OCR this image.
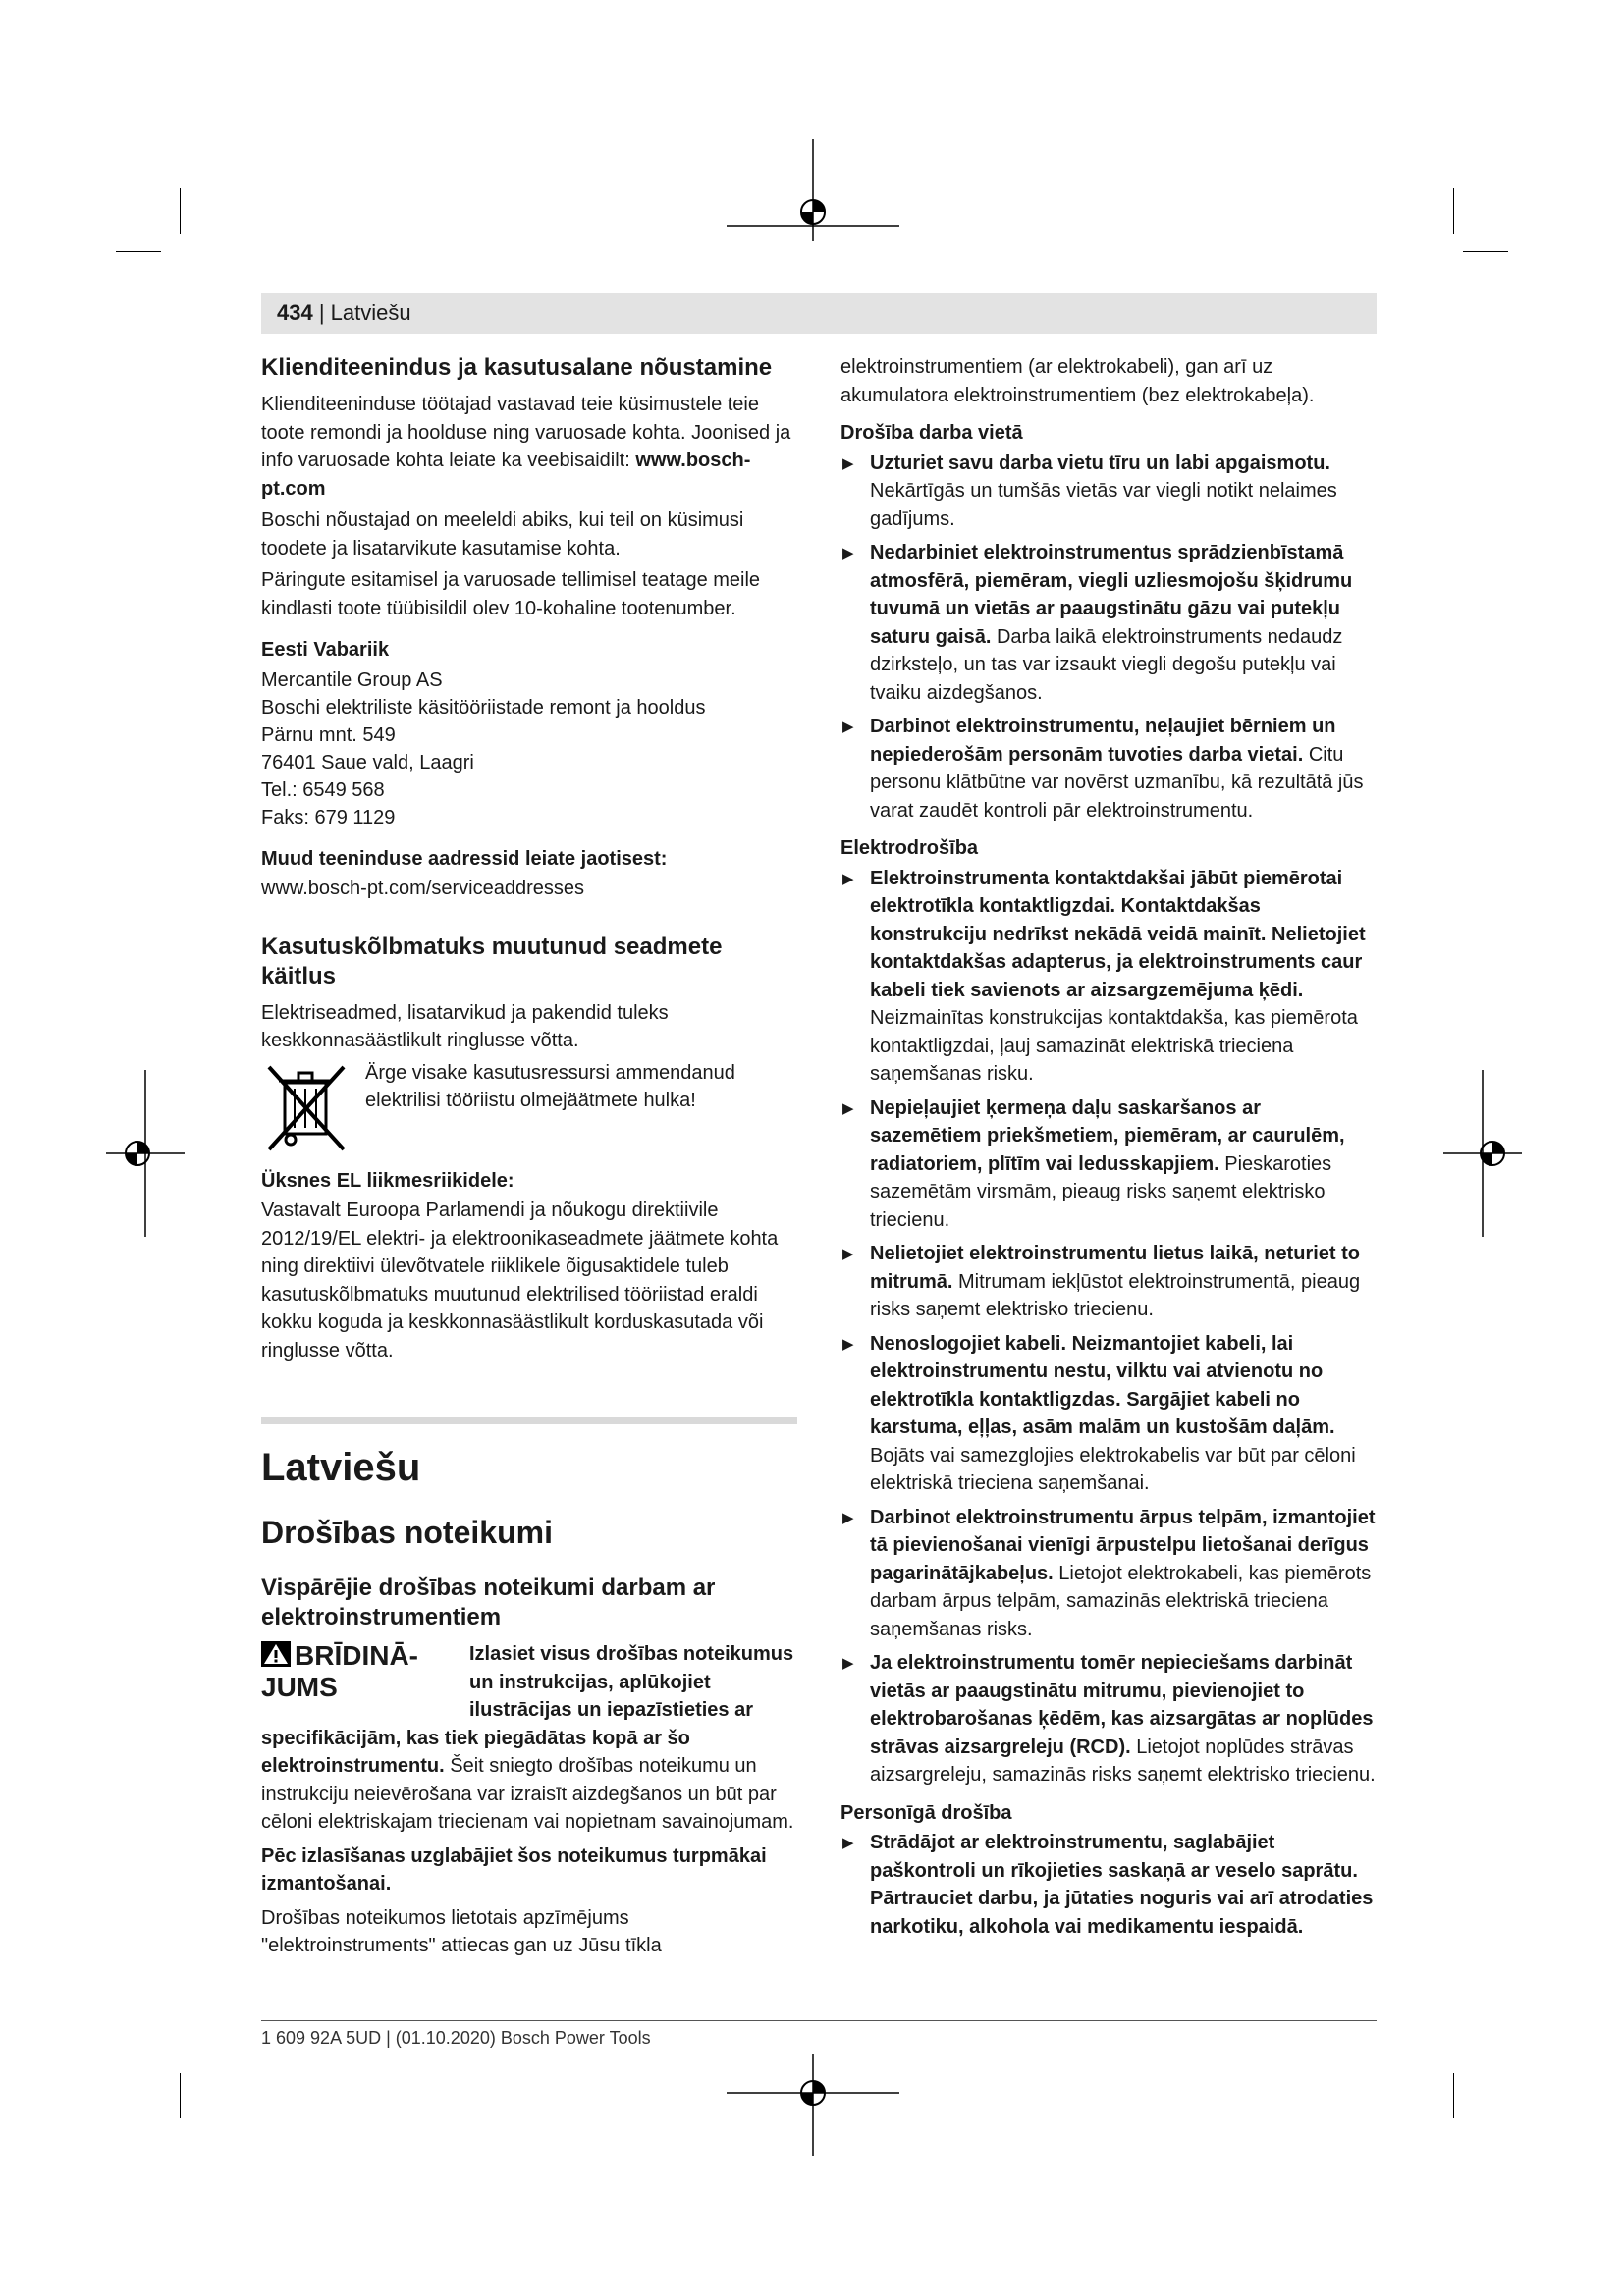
434 | Latviešu
Klienditeenindus ja kasutusalane nõustamine

Klienditeeninduse töötajad vastavad teie küsimustele teie toote remondi ja hoolduse ning varuosade kohta. Joonised ja info varuosade kohta leiate ka veebisaidilt: www.bosch-pt.com

Boschi nõustajad on meeleldi abiks, kui teil on küsimusi toodete ja lisatarvikute kasutamise kohta.

Päringute esitamisel ja varuosade tellimisel teatage meile kindlasti toote tüübisildil olev 10-kohaline tootenumber.

Eesti Vabariik
Mercantile Group AS
Boschi elektriliste käsitööriistade remont ja hooldus
Pärnu mnt. 549
76401 Saue vald, Laagri
Tel.: 6549 568
Faks: 679 1129
Muud teeninduse aadressid leiate jaotisest:

www.bosch-pt.com/serviceaddresses

Kasutuskõlbmatuks muutunud seadmete käitlus

Elektriseadmed, lisatarvikud ja pakendid tuleks keskkonnasäästlikult ringlusse võtta.

Ärge visake kasutusressursi ammendanud elektrilisi tööriistu olmejäätmete hulka!
Üksnes EL liikmesriikidele:

Vastavalt Euroopa Parlamendi ja nõukogu direktiivile 2012/19/EL elektri- ja elektroonikaseadmete jäätmete kohta ning direktiivi ülevõtvatele riiklikele õigusaktidele tuleb kasutuskõlbmatuks muutunud elektrilised tööriistad eraldi kokku koguda ja keskkonnasäästlikult korduskasutada või ringlusse võtta.

Latviešu
Drošības noteikumi
Vispārējie drošības noteikumi darbam ar elektroinstrumentiem
BRĪDINĀ-JUMS
Izlasiet visus drošības noteikumus un instrukcijas, aplūkojiet ilustrācijas un iepazīstieties ar

specifikācijām, kas tiek piegādātas kopā ar šo elektroinstrumentu. Šeit sniegto drošības noteikumu un instrukciju neievērošana var izraisīt aizdegšanos un būt par cēloni elektriskajam triecienam vai nopietnam savainojumam.

Pēc izlasīšanas uzglabājiet šos noteikumus turpmākai izmantošanai.

Drošības noteikumos lietotais apzīmējums "elektroinstruments" attiecas gan uz Jūsu tīkla

elektroinstrumentiem (ar elektrokabeli), gan arī uz akumulatora elektroinstrumentiem (bez elektrokabeļa).

Drošība darba vietā
▶ Uzturiet savu darba vietu tīru un labi apgaismotu. Nekārtīgās un tumšās vietās var viegli notikt nelaimes gadījums.
▶ Nedarbiniet elektroinstrumentus sprādzienbīstamā atmosfērā, piemēram, viegli uzliesmojošu šķidrumu tuvumā un vietās ar paaugstinātu gāzu vai putekļu saturu gaisā. Darba laikā elektroinstruments nedaudz dzirksteļo, un tas var izsaukt viegli degošu putekļu vai tvaiku aizdegšanos.
▶ Darbinot elektroinstrumentu, neļaujiet bērniem un nepiederošām personām tuvoties darba vietai. Citu personu klātbūtne var novērst uzmanību, kā rezultātā jūs varat zaudēt kontroli pār elektroinstrumentu.
Elektrodrošība
▶ Elektroinstrumenta kontaktdakšai jābūt piemērotai elektrotīkla kontaktligzdai. Kontaktdakšas konstrukciju nedrīkst nekādā veidā mainīt. Nelietojiet kontaktdakšas adapterus, ja elektroinstruments caur kabeli tiek savienots ar aizsargzemējuma ķēdi. Neizmainītas konstrukcijas kontaktdakša, kas piemērota kontaktligzdai, ļauj samazināt elektriskā trieciena saņemšanas risku.
▶ Nepieļaujiet ķermeņa daļu saskaršanos ar sazemētiem priekšmetiem, piemēram, ar caurulēm, radiatoriem, plītīm vai ledusskapjiem. Pieskaroties sazemētām virsmām, pieaug risks saņemt elektrisko triecienu.
▶ Nelietojiet elektroinstrumentu lietus laikā, neturiet to mitrumā. Mitrumam iekļūstot elektroinstrumentā, pieaug risks saņemt elektrisko triecienu.
▶ Nenoslogojiet kabeli. Neizmantojiet kabeli, lai elektroinstrumentu nestu, vilktu vai atvienotu no elektrotīkla kontaktligzdas. Sargājiet kabeli no karstuma, eļļas, asām malām un kustošām daļām. Bojāts vai samezglojies elektrokabelis var būt par cēloni elektriskā trieciena saņemšanai.
▶ Darbinot elektroinstrumentu ārpus telpām, izmantojiet tā pievienošanai vienīgi ārpustelpu lietošanai derīgus pagarinātājkabeļus. Lietojot elektrokabeli, kas piemērots darbam ārpus telpām, samazinās elektriskā trieciena saņemšanas risks.
▶ Ja elektroinstrumentu tomēr nepieciešams darbināt vietās ar paaugstinātu mitrumu, pievienojiet to elektrobarošanas ķēdēm, kas aizsargātas ar noplūdes strāvas aizsargreleju (RCD). Lietojot noplūdes strāvas aizsargreleju, samazinās risks saņemt elektrisko triecienu.
Personīgā drošība
▶ Strādājot ar elektroinstrumentu, saglabājiet paškontroli un rīkojieties saskaņā ar veselo saprātu. Pārtrauciet darbu, ja jūtaties noguris vai arī atrodaties narkotiku, alkohola vai medikamentu iespaidā.
1 609 92A 5UD | (01.10.2020) Bosch Power Tools
